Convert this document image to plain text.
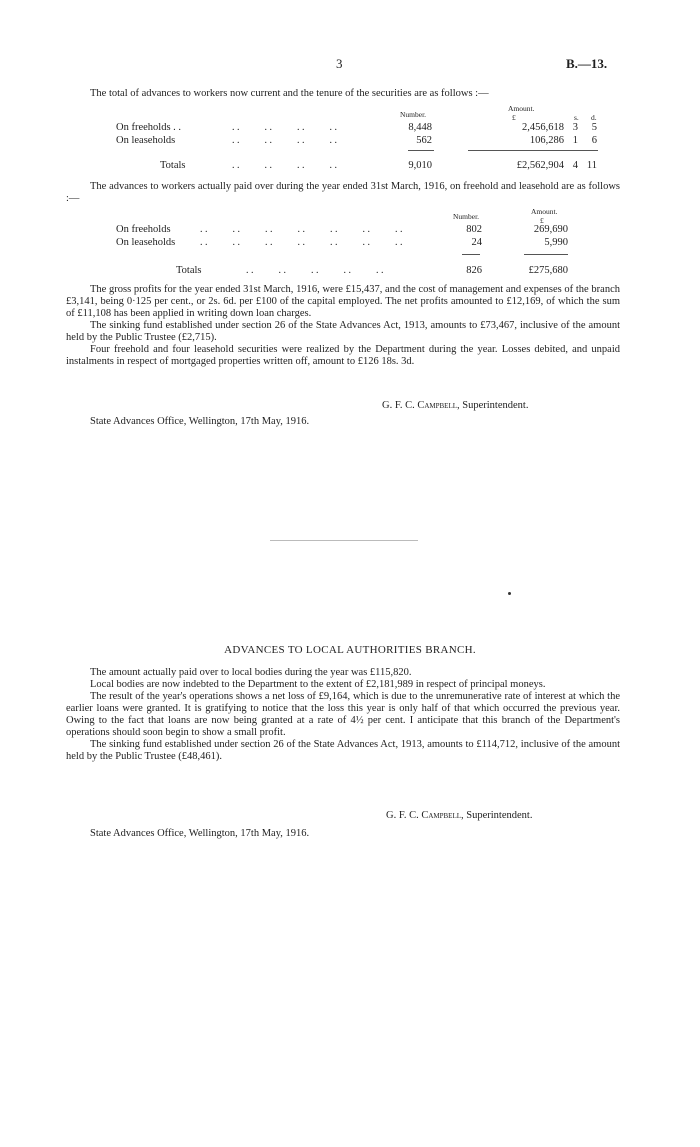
3	B.—13.
The total of advances to workers now current and the tenure of the securities are as follows :—
Number.
Amount.
£	s. d.
On freeholds . .	. .          . .          . .          . .	8,448	2,456,618 3	5
On leaseholds	. .          . .          . .          . .	562	106,286 1	6
Totals	. .          . .          . .          . .	9,010	£2,562,904 4 11
The advances to workers actually paid over during the year ended 31st March, 1916, on freehold and leasehold are as follows :—
Number.
Amount.
£
On freeholds	. .          . .          . .          . .          . .          . .          . .	802	269,690
On leaseholds . .          . .          . .          . .          . .          . .          . .	24	5,990
Totals	. .          . .          . .          . .          . .	826	£275,680
The gross profits for the year ended 31st March, 1916, were £15,437, and the cost of management and expenses of the branch £3,141, being 0·125 per cent., or 2s. 6d. per £100 of the capital employed. The net profits amounted to £12,169, of which the sum of £11,108 has been applied in writing down loan charges.
The sinking fund established under section 26 of the State Advances Act, 1913, amounts to £73,467, inclusive of the amount held by the Public Trustee (£2,715).
Four freehold and four leasehold securities were realized by the Department during the year. Losses debited, and unpaid instalments in respect of mortgaged properties written off, amount to £126 18s. 3d.
G. F. C. Campbell, Superintendent.
State Advances Office, Wellington, 17th May, 1916.
ADVANCES TO LOCAL AUTHORITIES BRANCH.
The amount actually paid over to local bodies during the year was £115,820.
Local bodies are now indebted to the Department to the extent of £2,181,989 in respect of principal moneys.
The result of the year's operations shows a net loss of £9,164, which is due to the unremunerative rate of interest at which the earlier loans were granted. It is gratifying to notice that the loss this year is only half of that which occurred the previous year. Owing to the fact that loans are now being granted at a rate of 4½ per cent. I anticipate that this branch of the Department's operations should soon begin to show a small profit.
The sinking fund established under section 26 of the State Advances Act, 1913, amounts to £114,712, inclusive of the amount held by the Public Trustee (£48,461).
G. F. C. Campbell, Superintendent.
State Advances Office, Wellington, 17th May, 1916.
